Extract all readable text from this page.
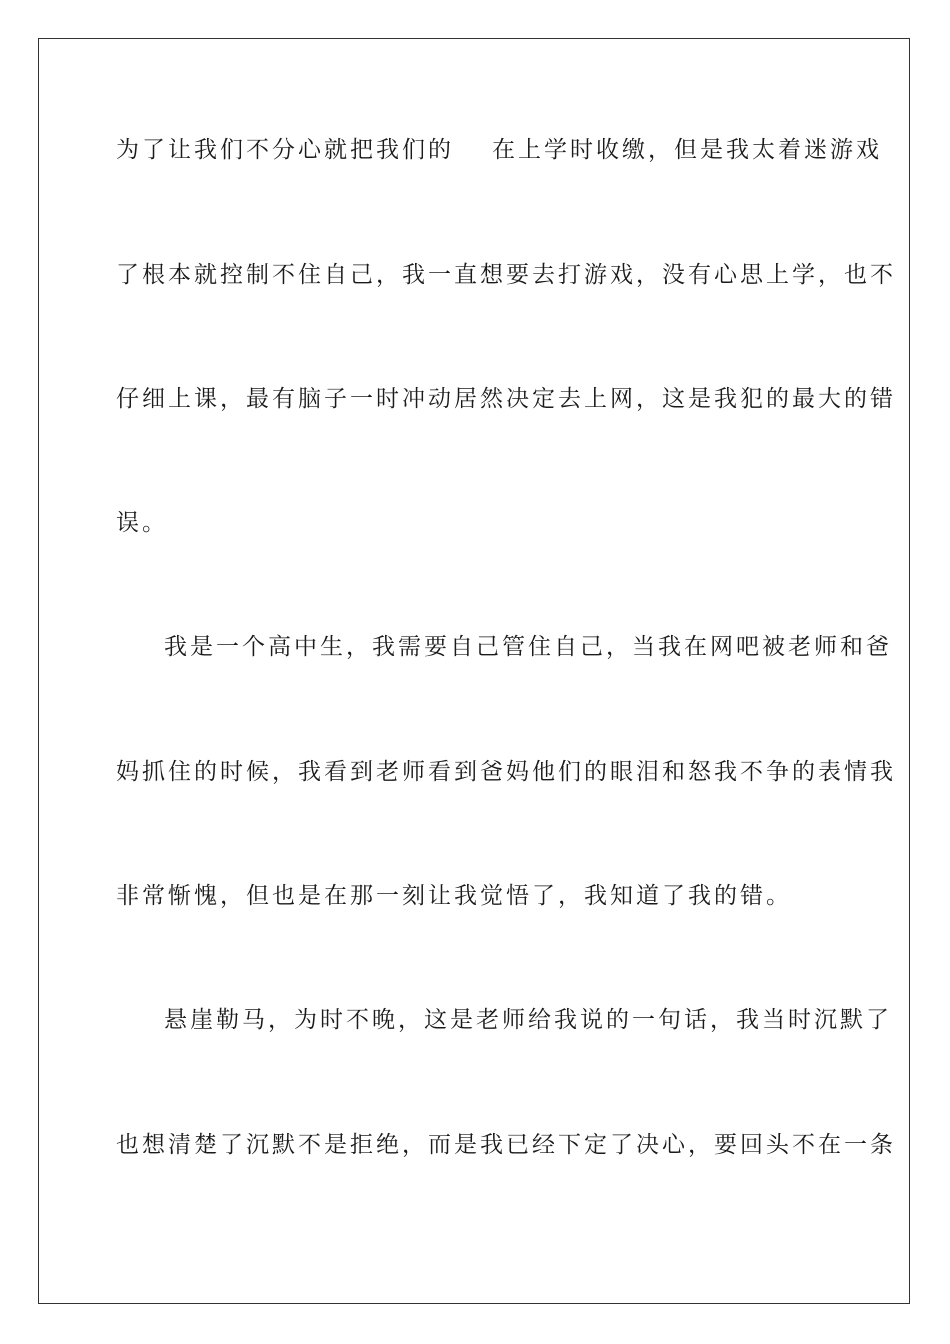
为了让我们不分心就把我们的 在上学时收缴，但是我太着迷游戏
了根本就控制不住自己，我一直想要去打游戏，没有心思上学，也不
仔细上课，最有脑子一时冲动居然决定去上网，这是我犯的最大的错
误。
我是一个高中生，我需要自己管住自己，当我在网吧被老师和爸
妈抓住的时候，我看到老师看到爸妈他们的眼泪和怒我不争的表情我
非常惭愧，但也是在那一刻让我觉悟了，我知道了我的错。
悬崖勒马，为时不晚，这是老师给我说的一句话，我当时沉默了
也想清楚了沉默不是拒绝，而是我已经下定了决心，要回头不在一条
